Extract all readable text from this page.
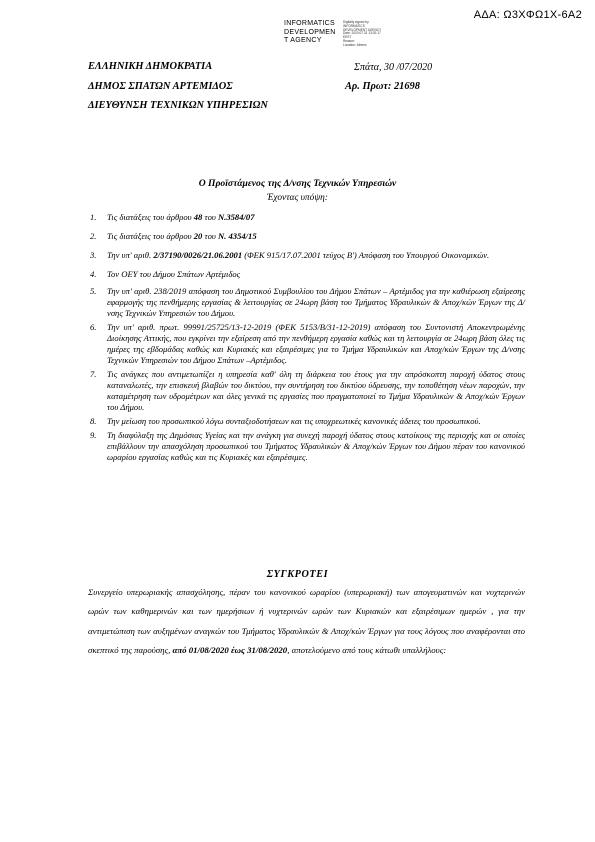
ΑΔΑ: Ω3ΧΦΩ1Χ-6Α2
INFORMATICS
DEVELOPMEN
T AGENCY
Digitally signed by
INFORMATICS
DEVELOPMENT AGENCY
Date: 2020.07.31 13:02:17
EEST
Reason:
Location: Athens
ΕΛΛΗΝΙΚΗ ΔΗΜΟΚΡΑΤΙΑ
ΔΗΜΟΣ ΣΠΑΤΩΝ ΑΡΤΕΜΙΔΟΣ
ΔΙΕΥΘΥΝΣΗ ΤΕΧΝΙΚΩΝ ΥΠΗΡΕΣΙΩΝ
Σπάτα, 30 /07/2020
Αρ. Πρωτ: 21698
Ο Προϊστάμενος της Δ/νσης Τεχνικών Υπηρεσιών
Έχοντας υπόψη:
1. Τις διατάξεις του άρθρου 48 του Ν.3584/07
2. Τις διατάξεις του άρθρου 20 του Ν. 4354/15
3. Την υπ' αριθ. 2/37190/0026/21.06.2001 (ΦΕΚ 915/17.07.2001 τεύχος Β') Απόφαση του Υπουργού Οικονομικών.
4. Τον ΟΕΥ του Δήμου Σπάτων Αρτέμιδος
5. Την υπ' αριθ. 238/2019 απόφαση του Δημοτικού Συμβουλίου του Δήμου Σπάτων – Αρτέμιδος για την καθιέρωση εξαίρεσης εφαρμογής της πενθήμερης εργασίας & λειτουργίας σε 24ωρη βάση του Τμήματος Υδραυλικών & Αποχ/κών Έργων της Δ/νσης Τεχνικών Υπηρεσιών του Δήμου.
6. Την υπ' αριθ. πρωτ. 99991/25725/13-12-2019 (ΦΕΚ 5153/Β/31-12-2019) απόφαση του Συντονιστή Αποκεντρωμένης Διοίκησης Αττικής, που εγκρίνει την εξαίρεση από την πενθήμερη εργασία καθώς και τη λειτουργία σε 24ωρη βάση όλες τις ημέρες της εβδομάδας καθώς και Κυριακές και εξαιρέσιμες για το Τμήμα Υδραυλικών και Αποχ/κών Έργων της Δ/νσης Τεχνικών Υπηρεσιών του Δήμου Σπάτων –Αρτέμιδος.
7. Τις ανάγκες που αντιμετωπίζει η υπηρεσία καθ' όλη τη διάρκεια του έτους για την απρόσκοπτη παροχή ύδατος στους καταναλωτές, την επισκευή βλαβών του δικτύου, την συντήρηση του δικτύου ύδρευσης, την τοποθέτηση νέων παροχών, την καταμέτρηση των υδρομέτρων και όλες γενικά τις εργασίες που πραγματοποιεί το Τμήμα Υδραυλικών & Αποχ/κών Έργων του Δήμου.
8. Την μείωση του προσωπικού λόγω συνταξιοδοτήσεων και τις υποχρεωτικές κανονικές άδειες του προσωπικού.
9. Τη διαφύλαξη της Δημόσιας Υγείας και την ανάγκη για συνεχή παροχή ύδατος στους κατοίκους της περιοχής και οι οποίες επιβάλλουν την απασχόληση προσωπικού του Τμήματος Υδραυλικών & Αποχ/κών Έργων του Δήμου πέραν του κανονικού ωραρίου εργασίας καθώς και τις Κυριακές και εξαιρέσιμες.
ΣΥΓΚΡΟΤΕΙ
Συνεργείο υπερωριακής απασχόλησης, πέραν του κανονικού ωραρίου (υπερωριακή) των απογευματινών και νυχτερινών ωρών των καθημερινών και των ημερήσιων ή νυχτερινών ωρών των Κυριακών και εξαιρέσιμων ημερών , για την αντιμετώπιση των αυξημένων αναγκών του Τμήματος Υδραυλικών & Αποχ/κών Έργων για τους λόγους που αναφέρονται στο σκεπτικό της παρούσης, από 01/08/2020 έως 31/08/2020, αποτελούμενο από τους κάτωθι υπαλλήλους:
